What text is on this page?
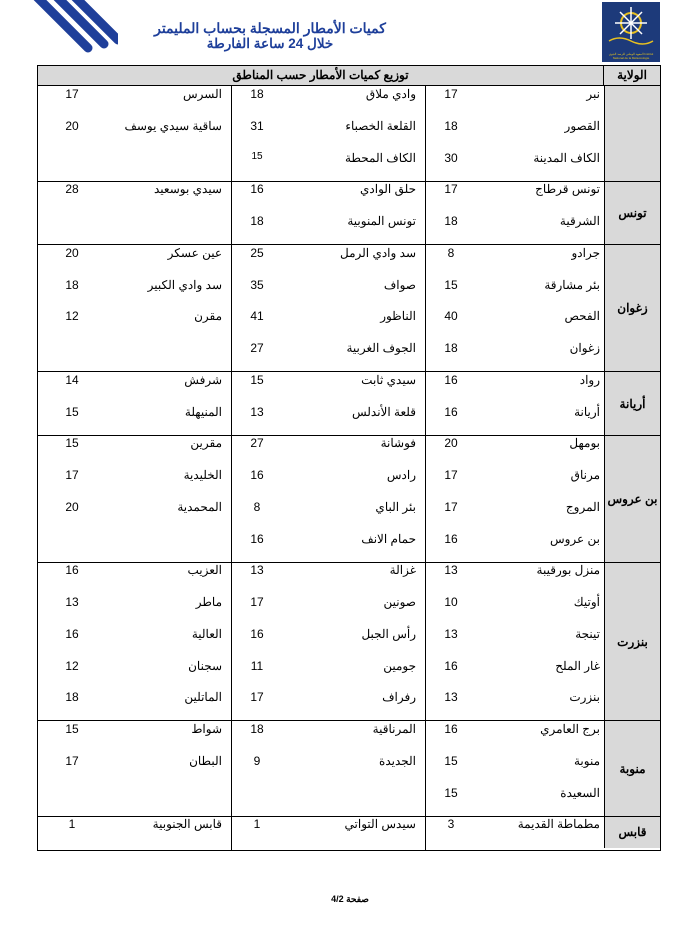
المعهد الوطني للرصد الجوي Institut National de la Météorologie
كميات الأمطار المسجلة بحساب المليمتر
خلال 24 ساعة الفارطة
توزيع كميات الأمطار حسب المناطق	الولاية
نبر
17
وادي ملاق
18
السرس
17
القصور
18
القلعة الخصباء
31
ساقية سيدي يوسف
20
الكاف المدينة
30
الكاف المحطة
15
تونس قرطاج
17
حلق الوادي
16
سيدي بوسعيد
28
الشرقية
18
تونس المنوبية
18
جرادو
8
سد وادي الرمل
25
عين عسكر
20
بئر مشارقة
15
صواف
35
سد وادي الكبير
18
الفحص
40
الناظور
41
مقرن
12
زغوان
18
الجوف الغربية
27
رواد
16
سيدي ثابت
15
شرفش
14
أريانة
16
قلعة الأندلس
13
المنيهلة
15
بومهل
20
فوشانة
27
مقرين
15
مرناق
17
رادس
16
الخليدية
17
المروج
17
بئر الباي
8
المحمدية
20
بن عروس
16
حمام الانف
16
منزل بورقيبة
13
غزالة
13
العزيب
16
أوتيك
10
صونين
17
ماطر
13
تينجة
13
رأس الجبل
16
العالية
16
غار الملح
16
جومين
11
سجنان
12
بنزرت
13
رفراف
17
الماتلين
18
برج العامري
16
المرناقية
18
شواط
15
منوبة
15
الجديدة
9
البطان
17
السعيدة
15
مطماطة القديمة
3
سيدس التواتي
1
قابس الجنوبية
1
تونس
زغوان
أريانة
بن عروس
بنزرت
منوبة
قابس
صفحة 4/2
